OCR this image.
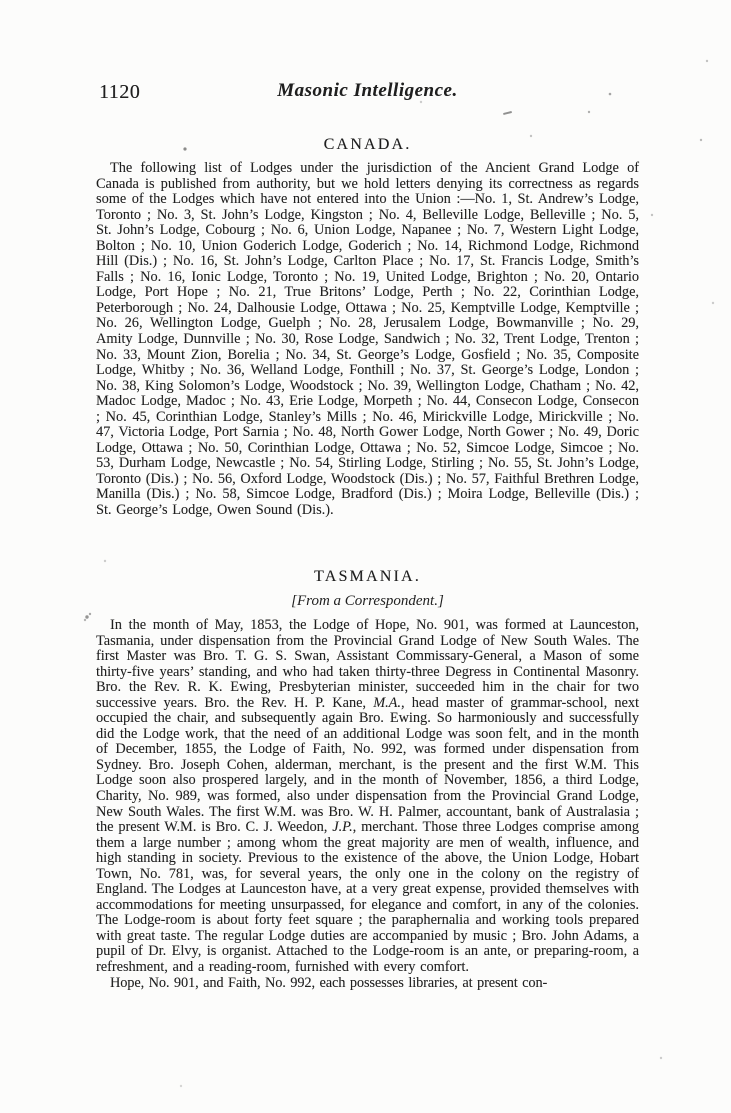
1120	Masonic Intelligence.
CANADA.

The following list of Lodges under the jurisdiction of the Ancient Grand Lodge of Canada is published from authority, but we hold letters denying its correctness as regards some of the Lodges which have not entered into the Union :—No. 1, St. Andrew’s Lodge, Toronto ; No. 3, St. John’s Lodge, Kingston ; No. 4, Belleville Lodge, Belleville ; No. 5, St. John’s Lodge, Cobourg ; No. 6, Union Lodge, Napanee ; No. 7, Western Light Lodge, Bolton ; No. 10, Union Goderich Lodge, Goderich ; No. 14, Richmond Lodge, Richmond Hill (Dis.) ; No. 16, St. John’s Lodge, Carlton Place ; No. 17, St. Francis Lodge, Smith’s Falls ; No. 16, Ionic Lodge, Toronto ; No. 19, United Lodge, Brighton ; No. 20, Ontario Lodge, Port Hope ; No. 21, True Britons’ Lodge, Perth ; No. 22, Corinthian Lodge, Peterborough ; No. 24, Dalhousie Lodge, Ottawa ; No. 25, Kemptville Lodge, Kemptville ; No. 26, Wellington Lodge, Guelph ; No. 28, Jerusalem Lodge, Bowmanville ; No. 29, Amity Lodge, Dunnville ; No. 30, Rose Lodge, Sandwich ; No. 32, Trent Lodge, Trenton ; No. 33, Mount Zion, Borelia ; No. 34, St. George’s Lodge, Gosfield ; No. 35, Composite Lodge, Whitby ; No. 36, Welland Lodge, Fonthill ; No. 37, St. George’s Lodge, London ; No. 38, King Solomon’s Lodge, Woodstock ; No. 39, Wellington Lodge, Chatham ; No. 42, Madoc Lodge, Madoc ; No. 43, Erie Lodge, Morpeth ; No. 44, Consecon Lodge, Consecon ; No. 45, Corinthian Lodge, Stanley’s Mills ; No. 46, Mirickville Lodge, Mirickville ; No. 47, Victoria Lodge, Port Sarnia ; No. 48, North Gower Lodge, North Gower ; No. 49, Doric Lodge, Ottawa ; No. 50, Corinthian Lodge, Ottawa ; No. 52, Simcoe Lodge, Simcoe ; No. 53, Durham Lodge, Newcastle ; No. 54, Stirling Lodge, Stirling ; No. 55, St. John’s Lodge, Toronto (Dis.) ; No. 56, Oxford Lodge, Woodstock (Dis.) ; No. 57, Faithful Brethren Lodge, Manilla (Dis.) ; No. 58, Simcoe Lodge, Bradford (Dis.) ; Moira Lodge, Belleville (Dis.) ; St. George’s Lodge, Owen Sound (Dis.).

TASMANIA.
[From a Correspondent.]

In the month of May, 1853, the Lodge of Hope, No. 901, was formed at Launceston, Tasmania, under dispensation from the Provincial Grand Lodge of New South Wales. The first Master was Bro. T. G. S. Swan, Assistant Commissary-General, a Mason of some thirty-five years’ standing, and who had taken thirty-three Degress in Continental Masonry. Bro. the Rev. R. K. Ewing, Presbyterian minister, succeeded him in the chair for two successive years. Bro. the Rev. H. P. Kane, M.A., head master of grammar-school, next occupied the chair, and subsequently again Bro. Ewing. So harmoniously and successfully did the Lodge work, that the need of an additional Lodge was soon felt, and in the month of December, 1855, the Lodge of Faith, No. 992, was formed under dispensation from Sydney. Bro. Joseph Cohen, alderman, merchant, is the present and the first W.M. This Lodge soon also prospered largely, and in the month of November, 1856, a third Lodge, Charity, No. 989, was formed, also under dispensation from the Provincial Grand Lodge, New South Wales. The first W.M. was Bro. W. H. Palmer, accountant, bank of Australasia ; the present W.M. is Bro. C. J. Weedon, J.P., merchant. Those three Lodges comprise among them a large number ; among whom the great majority are men of wealth, influence, and high standing in society. Previous to the existence of the above, the Union Lodge, Hobart Town, No. 781, was, for several years, the only one in the colony on the registry of England. The Lodges at Launceston have, at a very great expense, provided themselves with accommodations for meeting unsurpassed, for elegance and comfort, in any of the colonies. The Lodge-room is about forty feet square ; the paraphernalia and working tools prepared with great taste. The regular Lodge duties are accompanied by music ; Bro. John Adams, a pupil of Dr. Elvy, is organist. Attached to the Lodge-room is an ante, or preparing-room, a refreshment, and a reading-room, furnished with every comfort.

Hope, No. 901, and Faith, No. 992, each possesses libraries, at present con-
